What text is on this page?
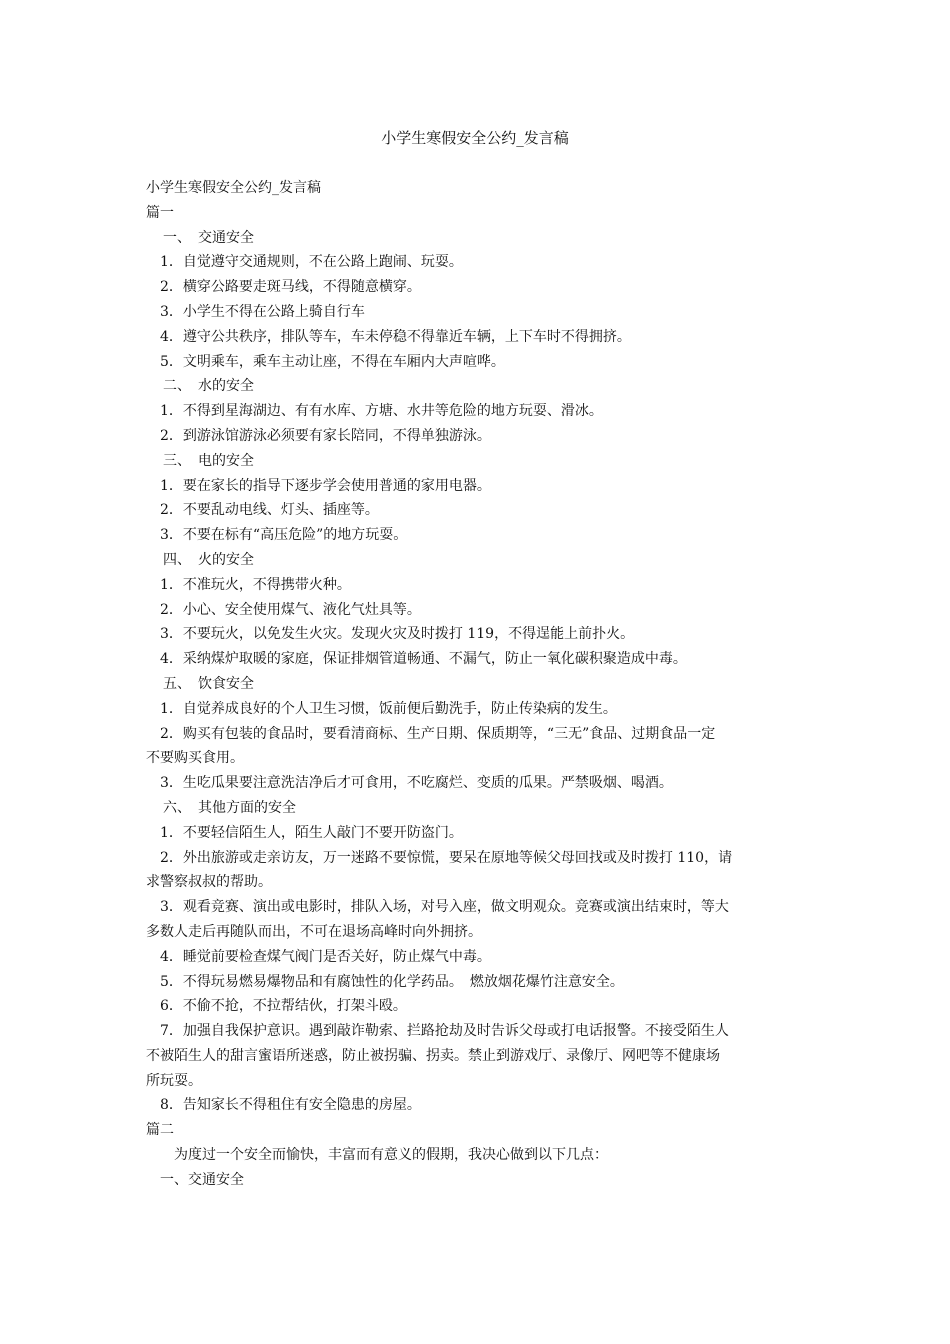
小学生寒假安全公约_发言稿
小学生寒假安全公约_发言稿
篇一
一、　交通安全
1．自觉遵守交通规则，不在公路上跑闹、玩耍。
2．横穿公路要走斑马线，不得随意横穿。
3．小学生不得在公路上骑自行车
4．遵守公共秩序，排队等车，车未停稳不得靠近车辆，上下车时不得拥挤。
5．文明乘车，乘车主动让座，不得在车厢内大声喧哗。
二、　水的安全
1．不得到星海湖边、有有水库、方塘、水井等危险的地方玩耍、滑冰。
2．到游泳馆游泳必须要有家长陪同，不得单独游泳。
三、　电的安全
1．要在家长的指导下逐步学会使用普通的家用电器。
2．不要乱动电线、灯头、插座等。
3．不要在标有“高压危险”的地方玩耍。
四、　火的安全
1．不准玩火，不得携带火种。
2．小心、安全使用煤气、液化气灶具等。
3．不要玩火，以免发生火灾。发现火灾及时拨打 119，不得逞能上前扑火。
4．采纳煤炉取暖的家庭，保证排烟管道畅通、不漏气，防止一氧化碳积聚造成中毒。
五、　饮食安全
1．自觉养成良好的个人卫生习惯，饭前便后勤洗手，防止传染病的发生。
2．购买有包装的食品时，要看清商标、生产日期、保质期等，“三无”食品、过期食品一定
不要购买食用。
3．生吃瓜果要注意洗洁净后才可食用，不吃腐烂、变质的瓜果。严禁吸烟、喝酒。
六、　其他方面的安全
1．不要轻信陌生人，陌生人敲门不要开防盗门。
2．外出旅游或走亲访友，万一迷路不要惊慌，要呆在原地等候父母回找或及时拨打 110，请
求警察叔叔的帮助。
3．观看竞赛、演出或电影时，排队入场，对号入座，做文明观众。竞赛或演出结束时，等大
多数人走后再随队而出，不可在退场高峰时向外拥挤。
4．睡觉前要检查煤气阀门是否关好，防止煤气中毒。
5．不得玩易燃易爆物品和有腐蚀性的化学药品。　燃放烟花爆竹注意安全。
6．不偷不抢，不拉帮结伙，打架斗殴。
7．加强自我保护意识。遇到敲诈勒索、拦路抢劫及时告诉父母或打电话报警。不接受陌生人
不被陌生人的甜言蜜语所迷惑，防止被拐骗、拐卖。禁止到游戏厅、录像厅、网吧等不健康场
所玩耍。
8．告知家长不得租住有安全隐患的房屋。
篇二
　为度过一个安全而愉快，丰富而有意义的假期，我决心做到以下几点：
一、交通安全
